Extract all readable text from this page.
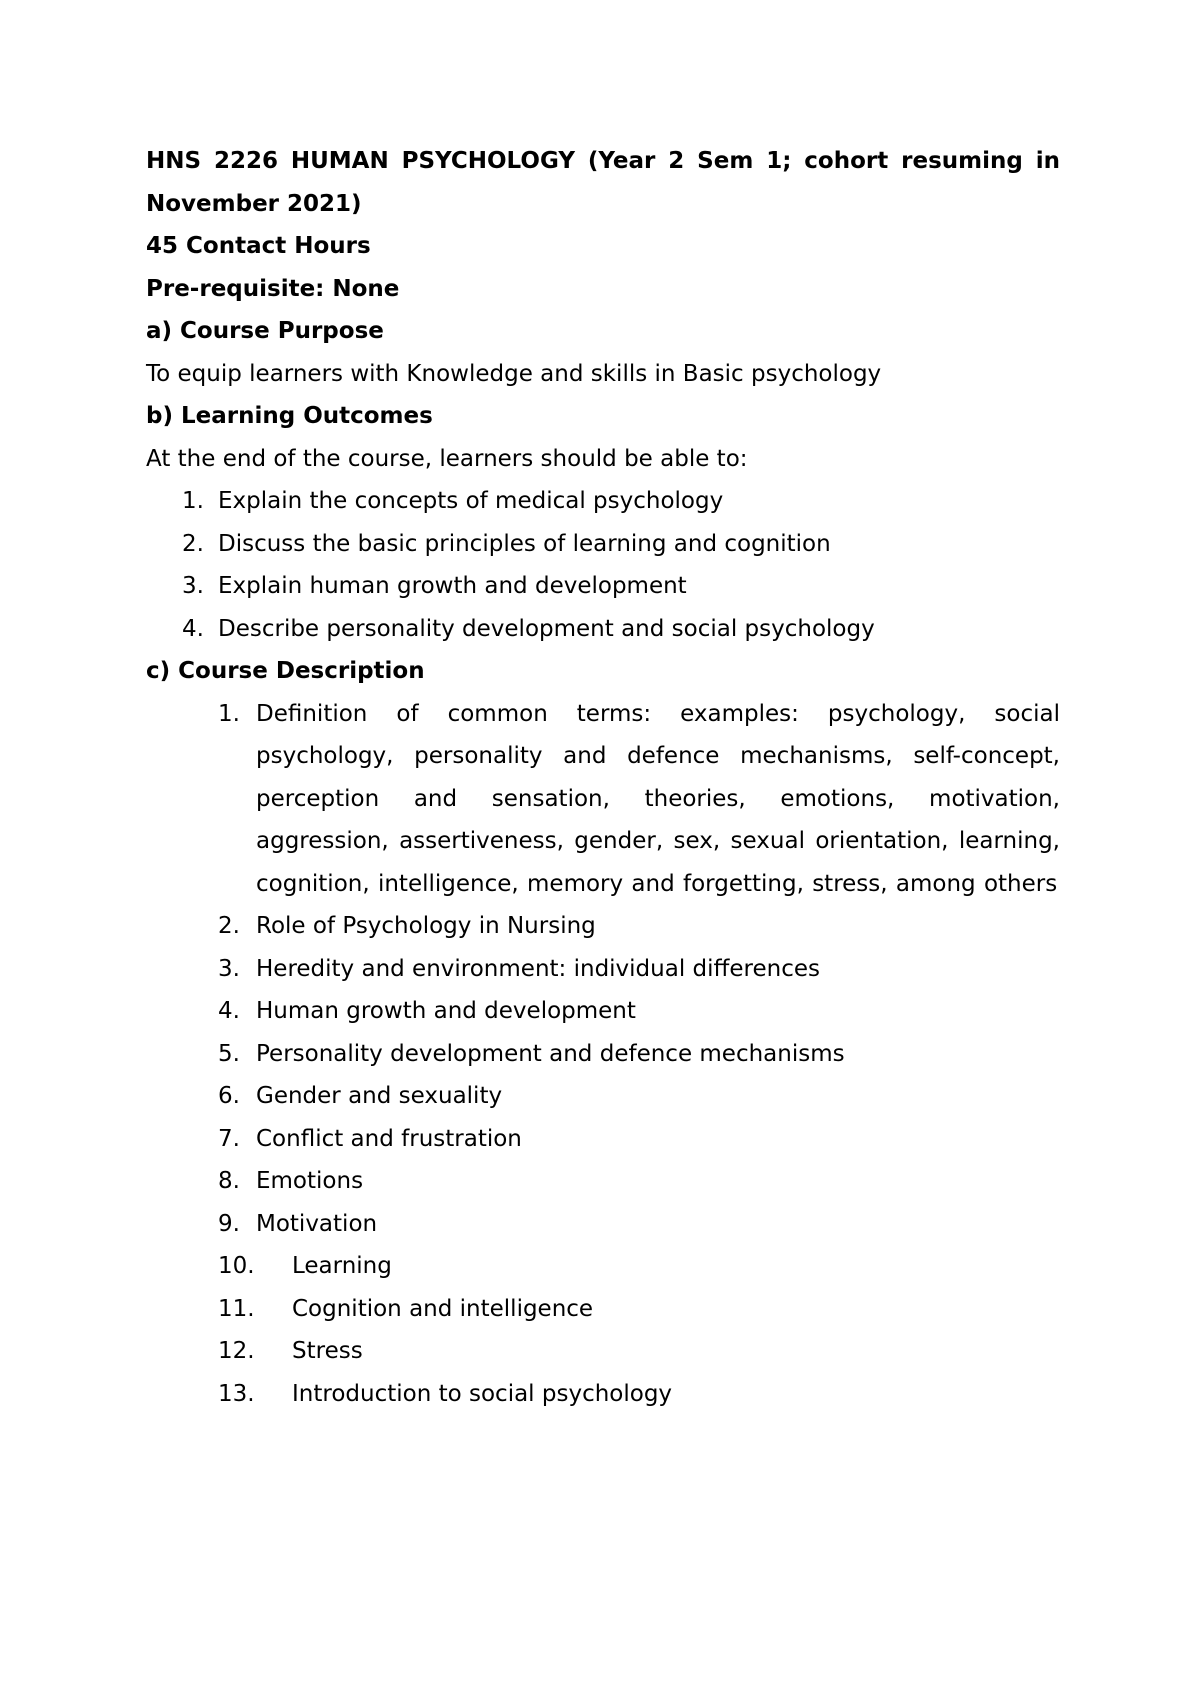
HNS 2226 HUMAN PSYCHOLOGY (Year 2 Sem 1; cohort resuming in November 2021)

45 Contact Hours

Pre-requisite: None

a) Course Purpose

To equip learners with Knowledge and skills in Basic psychology

b) Learning Outcomes

At the end of the course, learners should be able to:

1. Explain the concepts of medical psychology
2. Discuss the basic principles of learning and cognition
3. Explain human growth and development
4. Describe personality development and social psychology

c) Course Description

1. Definition of common terms: examples: psychology, social psychology, personality and defence mechanisms, self-concept, perception and sensation, theories, emotions, motivation, aggression, assertiveness, gender, sex, sexual orientation, learning, cognition, intelligence, memory and forgetting, stress, among others
2. Role of Psychology in Nursing
3. Heredity and environment: individual differences
4. Human growth and development
5. Personality development and defence mechanisms
6. Gender and sexuality
7. Conflict and frustration
8. Emotions
9. Motivation
10. Learning
11. Cognition and intelligence
12. Stress
13. Introduction to social psychology
